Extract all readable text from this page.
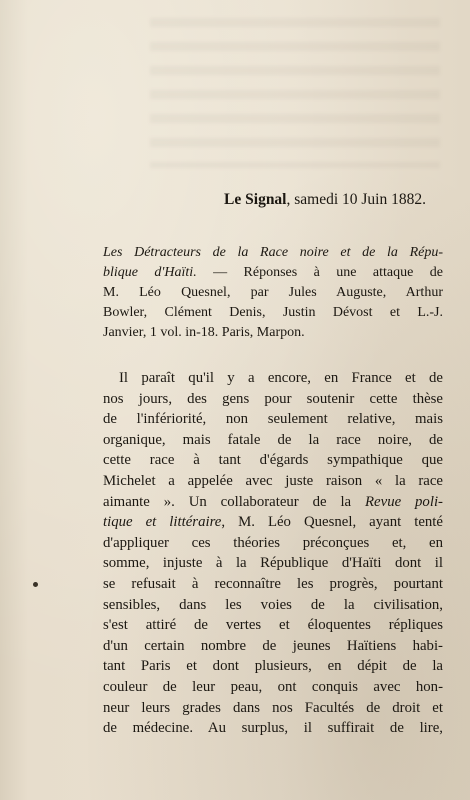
Le Signal, samedi 10 Juin 1882.
Les Détracteurs de la Race noire et de la Répu-
blique d'Haïti. — Réponses à une attaque de
M. Léo Quesnel, par Jules Auguste, Arthur
Bowler, Clément Denis, Justin Dévost et L.-J.
Janvier, 1 vol. in-18. Paris, Marpon.
Il paraît qu'il y a encore, en France et de
nos jours, des gens pour soutenir cette thèse
de l'infériorité, non seulement relative, mais
organique, mais fatale de la race noire, de
cette race à tant d'égards sympathique que
Michelet a appelée avec juste raison « la race
aimante ». Un collaborateur de la Revue poli-
tique et littéraire, M. Léo Quesnel, ayant tenté
d'appliquer ces théories préconçues et, en
somme, injuste à la République d'Haïti dont il
se refusait à reconnaître les progrès, pourtant
sensibles, dans les voies de la civilisation,
s'est attiré de vertes et éloquentes répliques
d'un certain nombre de jeunes Haïtiens habi-
tant Paris et dont plusieurs, en dépit de la
couleur de leur peau, ont conquis avec hon-
neur leurs grades dans nos Facultés de droit et
de médecine. Au surplus, il suffirait de lire,
